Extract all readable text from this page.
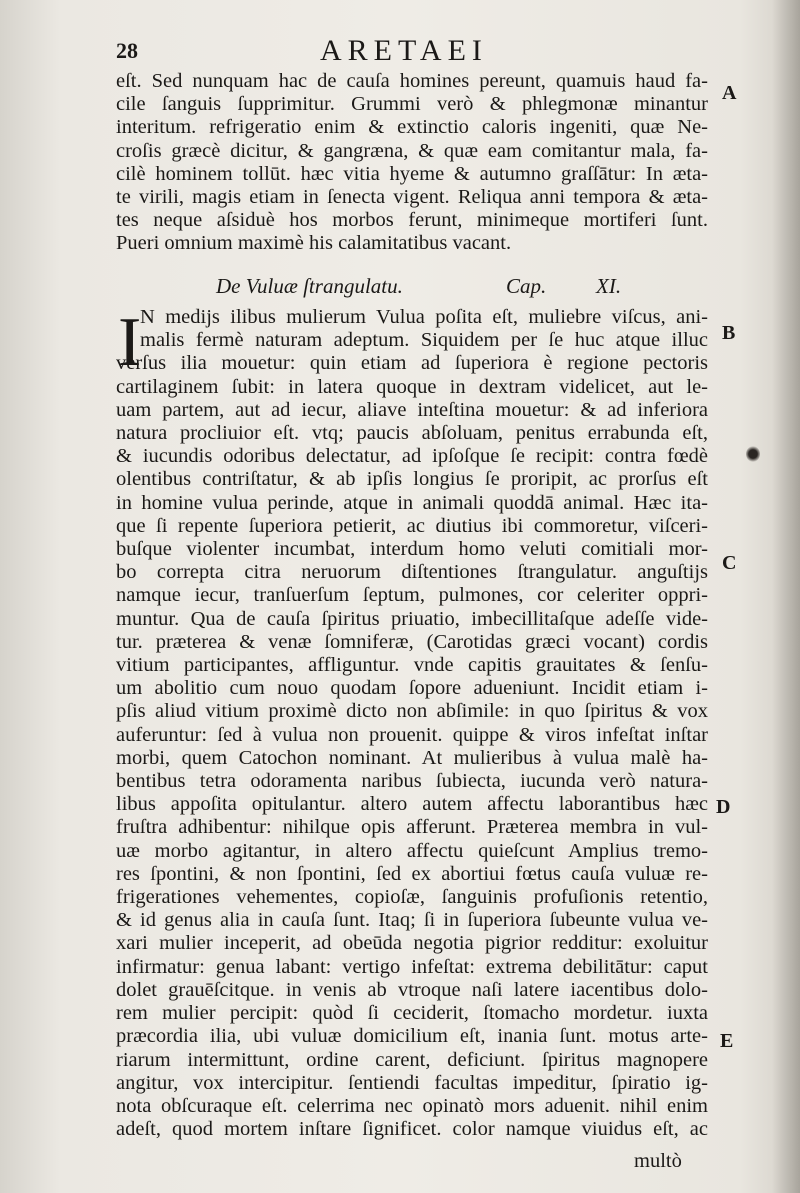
28	ARETAEI
eſt. Sed nunquam hac de cauſa homines pereunt, quamuis haud fa-
cile ſanguis ſupprimitur. Grummi verò & phlegmonæ minantur
interitum. refrigeratio enim & extinctio caloris ingeniti, quæ Ne-
croſis græcè dicitur, & gangræna, & quæ eam comitantur mala, fa-
cilè hominem tollūt. hæc vitia hyeme & autumno graſſātur: In æta-
te virili, magis etiam in ſenecta vigent. Reliqua anni tempora & æta-
tes neque aſsiduè hos morbos ferunt, minimeque mortiferi ſunt.
Pueri omnium maximè his calamitatibus vacant.
De Vuluæ ſtrangulatu.	Cap. XI.
I
N medijs ilibus mulierum Vulua poſita eſt, muliebre viſcus, ani-
malis fermè naturam adeptum. Siquidem per ſe huc atque illuc
verſus ilia mouetur: quin etiam ad ſuperiora è regione pectoris
cartilaginem ſubit: in latera quoque in dextram videlicet, aut le-
uam partem, aut ad iecur, aliave inteſtina mouetur: & ad inferiora
natura procliuior eſt. vtq; paucis abſoluam, penitus errabunda eſt,
& iucundis odoribus delectatur, ad ipſoſque ſe recipit: contra fœdè
olentibus contriſtatur, & ab ipſis longius ſe proripit, ac prorſus eſt
in homine vulua perinde, atque in animali quoddā animal. Hæc ita-
que ſi repente ſuperiora petierit, ac diutius ibi commoretur, viſceri-
buſque violenter incumbat, interdum homo veluti comitiali mor-
bo correpta citra neruorum diſtentiones ſtrangulatur. anguſtijs
namque iecur, tranſuerſum ſeptum, pulmones, cor celeriter oppri-
muntur. Qua de cauſa ſpiritus priuatio, imbecillitaſque adeſſe vide-
tur. præterea & venæ ſomniferæ, (Carotidas græci vocant) cordis
vitium participantes, affliguntur. vnde capitis grauitates & ſenſu-
um abolitio cum nouo quodam ſopore adueniunt. Incidit etiam i-
pſis aliud vitium proximè dicto non abſimile: in quo ſpiritus & vox
auferuntur: ſed à vulua non prouenit. quippe & viros infeſtat inſtar
morbi, quem Catochon nominant. At mulieribus à vulua malè ha-
bentibus tetra odoramenta naribus ſubiecta, iucunda verò natura-
libus appoſita opitulantur. altero autem affectu laborantibus hæc
fruſtra adhibentur: nihilque opis afferunt. Præterea membra in vul-
uæ morbo agitantur, in altero affectu quieſcunt Amplius tremo-
res ſpontini, & non ſpontini, ſed ex abortiui fœtus cauſa vuluæ re-
frigerationes vehementes, copioſæ, ſanguinis profuſionis retentio,
& id genus alia in cauſa ſunt. Itaq; ſi in ſuperiora ſubeunte vulua ve-
xari mulier inceperit, ad obeūda negotia pigrior redditur: exoluitur
infirmatur: genua labant: vertigo infeſtat: extrema debilitātur: caput
dolet grauēſcitque. in venis ab vtroque naſi latere iacentibus dolo-
rem mulier percipit: quòd ſi ceciderit, ſtomacho mordetur. iuxta
præcordia ilia, ubi vuluæ domicilium eſt, inania ſunt. motus arte-
riarum intermittunt, ordine carent, deficiunt. ſpiritus magnopere
angitur, vox intercipitur. ſentiendi facultas impeditur, ſpiratio ig-
nota obſcuraque eſt. celerrima nec opinatò mors aduenit. nihil enim
adeſt, quod mortem inſtare ſignificet. color namque viuidus eſt, ac
A
B
C
D
E
multò
